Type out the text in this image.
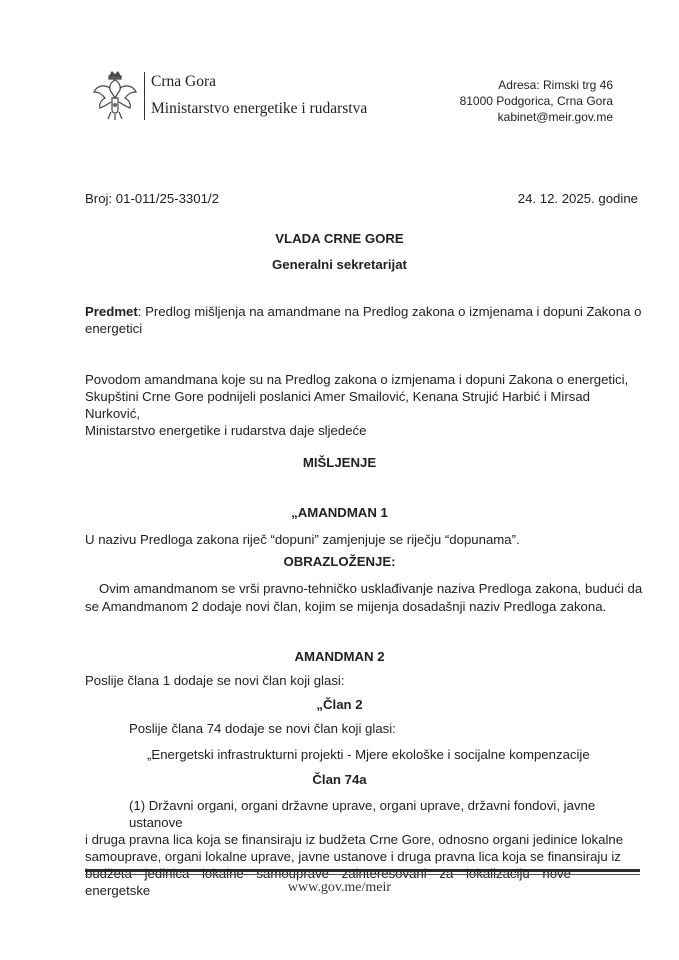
Crna Gora
Ministarstvo energetike i rudarstva
Adresa: Rimski trg 46
81000 Podgorica, Crna Gora
kabinet@meir.gov.me
Broj: 01-011/25-3301/2	24. 12. 2025. godine
VLADA CRNE GORE
Generalni sekretarijat
Predmet: Predlog mišljenja na amandmane na Predlog zakona o izmjenama i dopuni Zakona o
energetici
Povodom amandmana koje su na Predlog zakona o izmjenama i dopuni Zakona o energetici,
Skupštini Crne Gore podnijeli poslanici Amer Smailović, Kenana Strujić Harbić i Mirsad Nurković,
Ministarstvo energetike i rudarstva daje sljedeće
MIŠLJENJE
„AMANDMAN 1
U nazivu Predloga zakona riječ “dopuni” zamjenjuje se riječju “dopunama”.
OBRAZLOŽENJE:
Ovim amandmanom se vrši pravno-tehničko usklađivanje naziva Predloga zakona, budući da
se Amandmanom 2 dodaje novi član, kojim se mijenja dosadašnji naziv Predloga zakona.
AMANDMAN 2
Poslije člana 1 dodaje se novi član koji glasi:
„Član 2
Poslije člana 74 dodaje se novi član koji glasi:
„Energetski infrastrukturni projekti - Mjere ekološke i socijalne kompenzacije
Član 74a
(1) Državni organi, organi državne uprave, organi uprave, državni fondovi, javne ustanove
i druga pravna lica koja se finansiraju iz budžeta Crne Gore, odnosno organi jedinice lokalne
samouprave, organi lokalne uprave, javne ustanove i druga pravna lica koja se finansiraju iz
energetske	www.gov.me/meir
